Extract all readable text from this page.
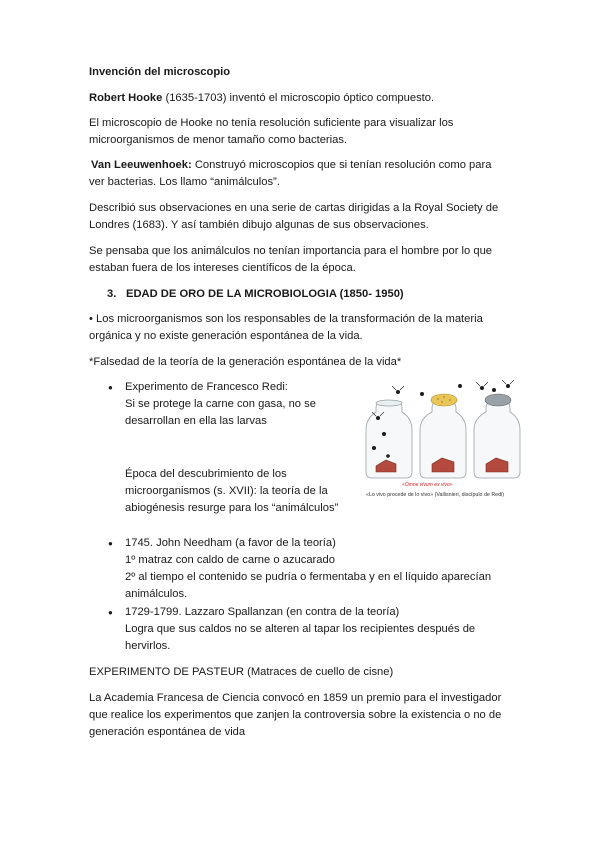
Invención del microscopio
Robert Hooke (1635-1703) inventó el microscopio óptico compuesto.
El microscopio de Hooke no tenía resolución suficiente para visualizar los
microorganismos de menor tamaño como bacterias.
Van Leeuwenhoek: Construyó microscopios que si tenían resolución como para
ver bacterias. Los llamo “animálculos”.
Describió sus observaciones en una serie de cartas dirigidas a la Royal Society de
Londres (1683). Y así también dibujo algunas de sus observaciones.
Se pensaba que los animálculos no tenían importancia para el hombre por lo que
estaban fuera de los intereses científicos de la época.
3. EDAD DE ORO DE LA MICROBIOLOGIA (1850- 1950)
• Los microorganismos son los responsables de la transformación de la materia
orgánica y no existe generación espontánea de la vida.
*Falsedad de la teoría de la generación espontánea de la vida*
● Experimento de Francesco Redi:
Si se protege la carne con gasa, no se
desarrollan en ella las larvas
Época del descubrimiento de los
microorganismos (s. XVII): la teoría de la
abiogénesis resurge para los “animálculos”
«Omne vivum ex vivo»
«Lo vivo procede de lo vivo» (Vallisnieri, discípulo de Redi)
● 1745. John Needham (a favor de la teoría)
1º matraz con caldo de carne o azucarado
2º al tiempo el contenido se pudría o fermentaba y en el líquido aparecían
animálculos.
● 1729-1799. Lazzaro Spallanzan (en contra de la teoría)
Logra que sus caldos no se alteren al tapar los recipientes después de
hervirlos.
EXPERIMENTO DE PASTEUR (Matraces de cuello de cisne)
La Academia Francesa de Ciencia convocó en 1859 un premio para el investigador
que realice los experimentos que zanjen la controversia sobre la existencia o no de
generación espontánea de vida
